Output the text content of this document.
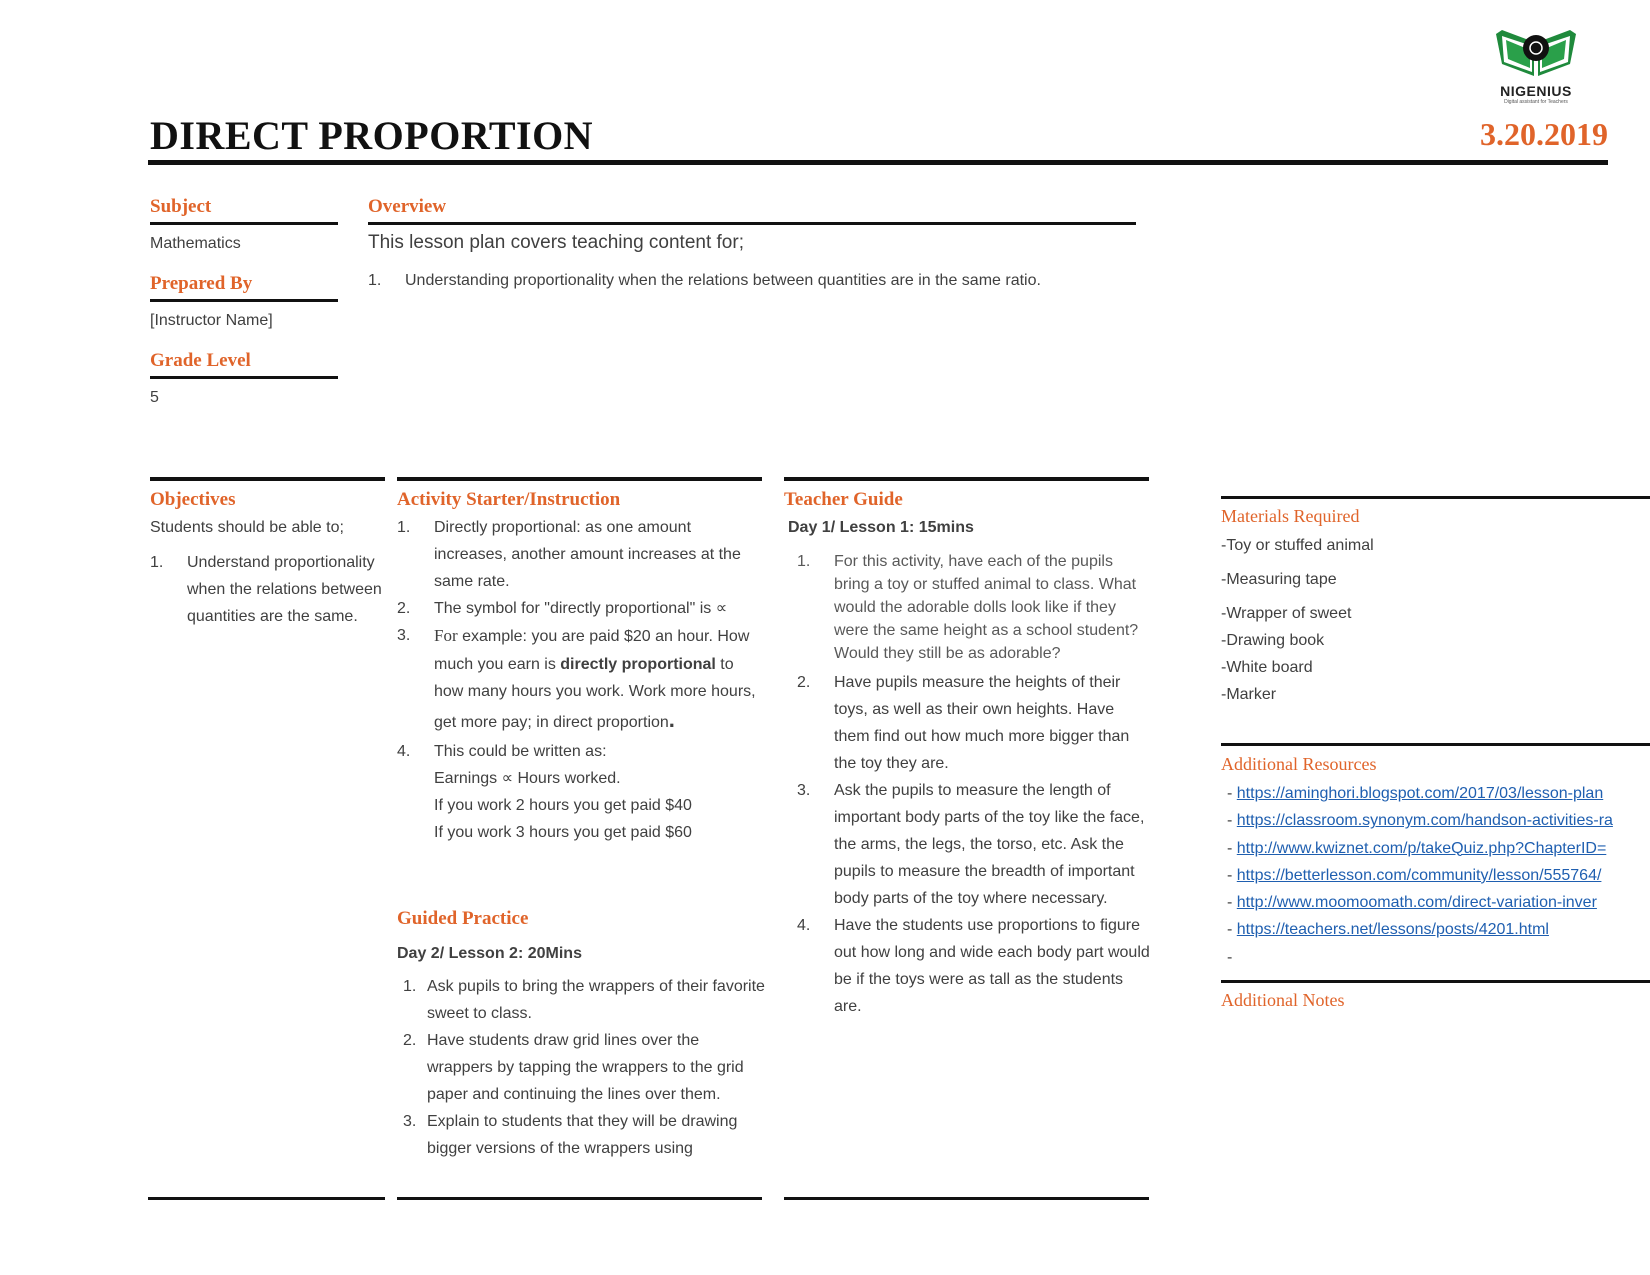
NIGENIUS
Digital assistant for Teachers
DIRECT PROPORTION	3.20.2019
Subject
Mathematics
Prepared By
[Instructor Name]
Grade Level
5
Overview
This lesson plan covers teaching content for;
1. Understanding proportionality when the relations between quantities are in the same ratio.
Objectives
Students should be able to;
1. Understand proportionality when the relations between quantities are the same.
Activity Starter/Instruction
1. Directly proportional: as one amount increases, another amount increases at the same rate.
2. The symbol for "directly proportional" is ∝
3. For example: you are paid $20 an hour. How much you earn is directly proportional to how many hours you work. Work more hours, get more pay; in direct proportion.
4. This could be written as:
Earnings ∝ Hours worked.
If you work 2 hours you get paid $40
If you work 3 hours you get paid $60
Guided Practice
Day 2/ Lesson 2: 20Mins
1. Ask pupils to bring the wrappers of their favorite sweet to class.
2. Have students draw grid lines over the wrappers by tapping the wrappers to the grid paper and continuing the lines over them.
3. Explain to students that they will be drawing bigger versions of the wrappers using
Teacher Guide
Day 1/ Lesson 1: 15mins
1. For this activity, have each of the pupils bring a toy or stuffed animal to class. What would the adorable dolls look like if they were the same height as a school student? Would they still be as adorable?
2. Have pupils measure the heights of their toys, as well as their own heights. Have them find out how much more bigger than the toy they are.
3. Ask the pupils to measure the length of important body parts of the toy like the face, the arms, the legs, the torso, etc. Ask the pupils to measure the breadth of important body parts of the toy where necessary.
4. Have the students use proportions to figure out how long and wide each body part would be if the toys were as tall as the students are.
Materials Required
-Toy or stuffed animal
-Measuring tape
-Wrapper of sweet
-Drawing book
-White board
-Marker
Additional Resources
- https://aminghori.blogspot.com/2017/03/lesson-plan
- https://classroom.synonym.com/handson-activities-ra
- http://www.kwiznet.com/p/takeQuiz.php?ChapterID=
- https://betterlesson.com/community/lesson/555764/
- http://www.moomoomath.com/direct-variation-inver
- https://teachers.net/lessons/posts/4201.html
-
Additional Notes
